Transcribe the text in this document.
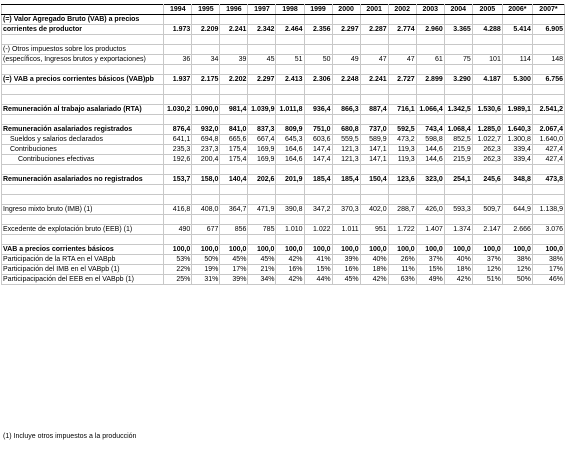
	1994	1995	1996	1997	1998	1999	2000	2001	2002	2003	2004	2005	2006*	2007*
(=) Valor Agregado Bruto (VAB) a precios														
corrientes de productor	1.973	2.209	2.241	2.342	2.464	2.356	2.297	2.287	2.774	2.960	3.365	4.288	5.414	6.905

(-) Otros impuestos sobre los productos														
(específicos, Ingresos brutos y exportaciones)	36	34	39	45	51	50	49	47	47	61	75	101	114	148

(=) VAB a precios corrientes básicos (VAB)pb	1.937	2.175	2.202	2.297	2.413	2.306	2.248	2.241	2.727	2.899	3.290	4.187	5.300	6.756

Remuneración al trabajo asalariado (RTA)	1.030,2	1.090,0	981,4	1.039,9	1.011,8	936,4	866,3	887,4	716,1	1.066,4	1.342,5	1.530,6	1.989,1	2.541,2

Remuneración asalariados registrados	876,4	932,0	841,0	837,3	809,9	751,0	680,8	737,0	592,5	743,4	1.068,4	1.285,0	1.640,3	2.067,4
Sueldos y salarios declarados	641,1	694,8	665,6	667,4	645,3	603,6	559,5	589,9	473,2	598,8	852,5	1.022,7	1.300,8	1.640,0
Contribuciones	235,3	237,3	175,4	169,9	164,6	147,4	121,3	147,1	119,3	144,6	215,9	262,3	339,4	427,4
Contribuciones efectivas	192,6	200,4	175,4	169,9	164,6	147,4	121,3	147,1	119,3	144,6	215,9	262,3	339,4	427,4

Remuneración asalariados no registrados	153,7	158,0	140,4	202,6	201,9	185,4	185,4	150,4	123,6	323,0	254,1	245,6	348,8	473,8

Ingreso mixto bruto (IMB) (1)	416,8	408,0	364,7	471,9	390,8	347,2	370,3	402,0	288,7	426,0	593,3	509,7	644,9	1.138,9

Excedente de explotación bruto (EEB) (1)	490	677	856	785	1.010	1.022	1.011	951	1.722	1.407	1.374	2.147	2.666	3.076

VAB a precios corrientes básicos	100,0	100,0	100,0	100,0	100,0	100,0	100,0	100,0	100,0	100,0	100,0	100,0	100,0	100,0
Participación de la RTA en el VABpb	53%	50%	45%	45%	42%	41%	39%	40%	26%	37%	40%	37%	38%	38%
Participación del IMB en el VABpb (1)	22%	19%	17%	21%	16%	15%	16%	18%	11%	15%	18%	12%	12%	17%
Participacipación del EEB en el VABpb (1)	25%	31%	39%	34%	42%	44%	45%	42%	63%	49%	42%	51%	50%	46%
(1) Incluye otros impuestos a la producción
